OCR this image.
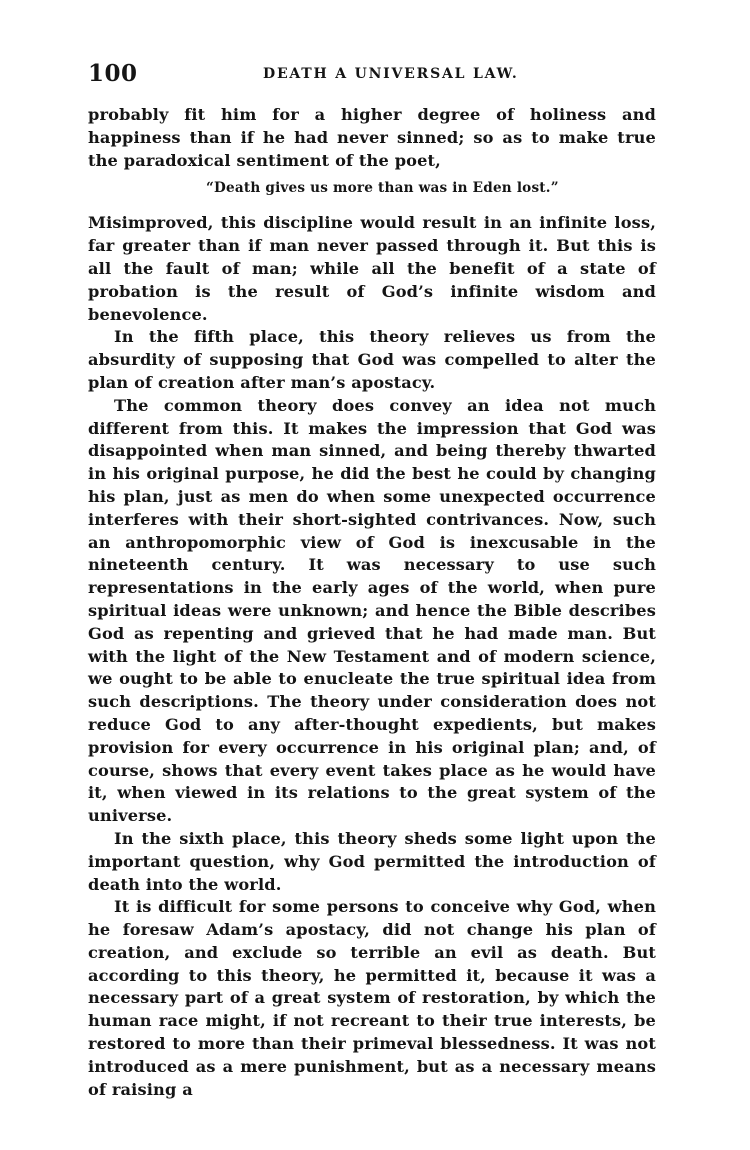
100	DEATH A UNIVERSAL LAW.

probably fit him for a higher degree of holiness and happiness than if he had never sinned; so as to make true the paradoxical sentiment of the poet,

“Death gives us more than was in Eden lost.”

Misimproved, this discipline would result in an infinite loss, far greater than if man never passed through it. But this is all the fault of man; while all the benefit of a state of probation is the result of God’s infinite wisdom and benevolence.

In the fifth place, this theory relieves us from the absurdity of supposing that God was compelled to alter the plan of creation after man’s apostacy.

The common theory does convey an idea not much different from this. It makes the impression that God was disappointed when man sinned, and being thereby thwarted in his original purpose, he did the best he could by changing his plan, just as men do when some unexpected occurrence interferes with their short-sighted contrivances. Now, such an anthropomorphic view of God is inexcusable in the nineteenth century. It was necessary to use such representations in the early ages of the world, when pure spiritual ideas were unknown; and hence the Bible describes God as repenting and grieved that he had made man. But with the light of the New Testament and of modern science, we ought to be able to enucleate the true spiritual idea from such descriptions. The theory under consideration does not reduce God to any after-thought expedients, but makes provision for every occurrence in his original plan; and, of course, shows that every event takes place as he would have it, when viewed in its relations to the great system of the universe.

In the sixth place, this theory sheds some light upon the important question, why God permitted the introduction of death into the world.

It is difficult for some persons to conceive why God, when he foresaw Adam’s apostacy, did not change his plan of creation, and exclude so terrible an evil as death. But according to this theory, he permitted it, because it was a necessary part of a great system of restoration, by which the human race might, if not recreant to their true interests, be restored to more than their primeval blessedness. It was not introduced as a mere punishment, but as a necessary means of raising a
